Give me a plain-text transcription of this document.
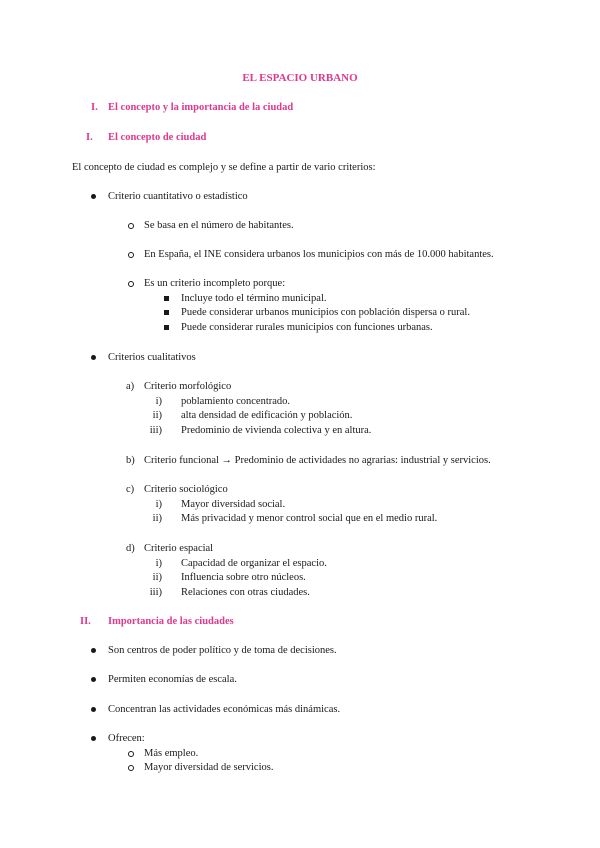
EL ESPACIO URBANO
I. El concepto y la importancia de la ciudad
I. El concepto de ciudad
El concepto de ciudad es complejo y se define a partir de vario criterios:
Criterio cuantitativo o estadístico
Se basa en el número de habitantes.
En España, el INE considera urbanos los municipios con más de 10.000 habitantes.
Es un criterio incompleto porque:
Incluye todo el término municipal.
Puede considerar urbanos municipios con población dispersa o rural.
Puede considerar rurales municipios con funciones urbanas.
Criterios cualitativos
a) Criterio morfológico
i) poblamiento concentrado.
ii) alta densidad de edificación y población.
iii) Predominio de vivienda colectiva y en altura.
b) Criterio funcional → Predominio de actividades no agrarias: industrial y servicios.
c) Criterio sociológico
i) Mayor diversidad social.
ii) Más privacidad y menor control social que en el medio rural.
d) Criterio espacial
i) Capacidad de organizar el espacio.
ii) Influencia sobre otro núcleos.
iii) Relaciones con otras ciudades.
II. Importancia de las ciudades
Son centros de poder político y de toma de decisiones.
Permiten economías de escala.
Concentran las actividades económicas más dinámicas.
Ofrecen:
Más empleo.
Mayor diversidad de servicios.
